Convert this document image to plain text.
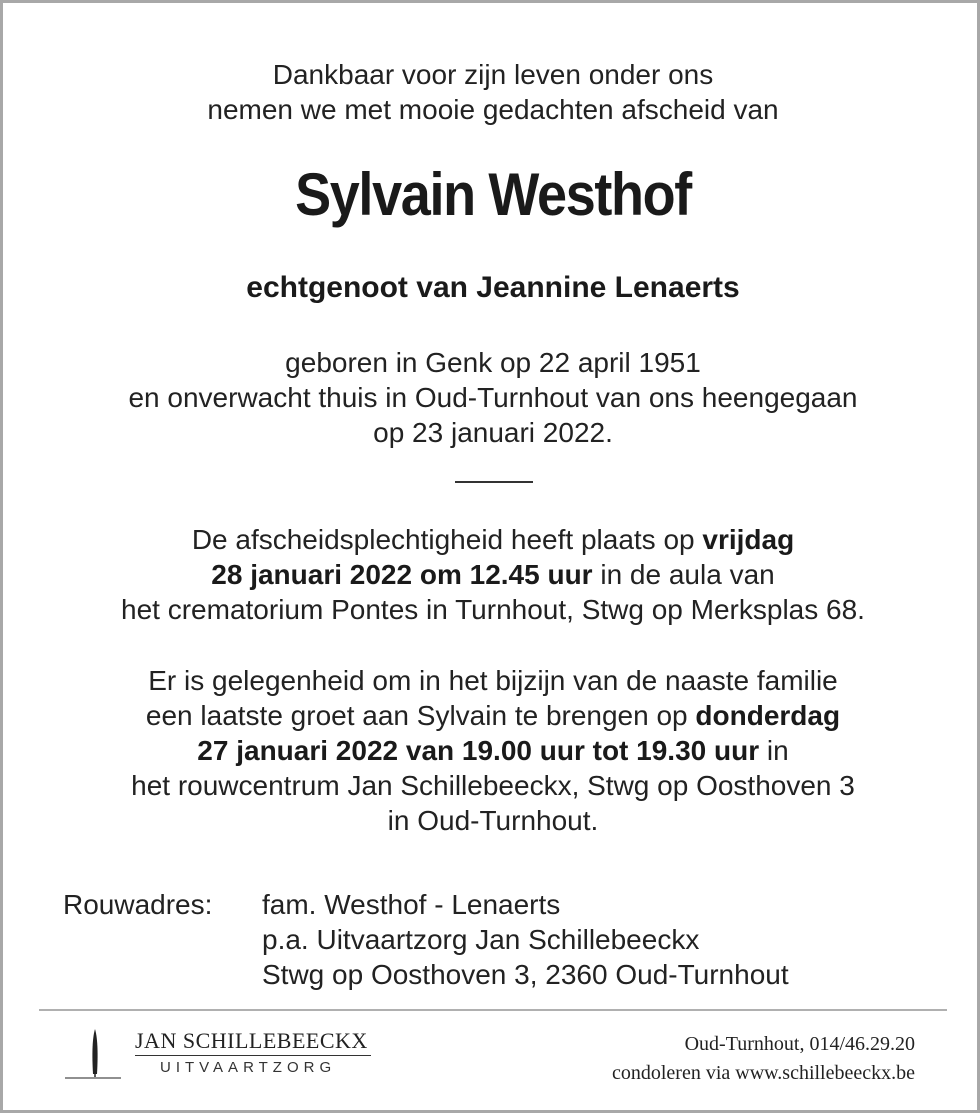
Dankbaar voor zijn leven onder ons
nemen we met mooie gedachten afscheid van
Sylvain Westhof
echtgenoot van Jeannine Lenaerts
geboren in Genk op 22 april 1951
en onverwacht thuis in Oud-Turnhout van ons heengegaan
op 23 januari 2022.
De afscheidsplechtigheid heeft plaats op vrijdag
28 januari 2022 om 12.45 uur in de aula van
het crematorium Pontes in Turnhout, Stwg op Merksplas 68.
Er is gelegenheid om in het bijzijn van de naaste familie
een laatste groet aan Sylvain te brengen op donderdag
27 januari 2022 van 19.00 uur tot 19.30 uur in
het rouwcentrum Jan Schillebeeckx, Stwg op Oosthoven 3
in Oud-Turnhout.
Rouwadres: fam. Westhof - Lenaerts
p.a. Uitvaartzorg Jan Schillebeeckx
Stwg op Oosthoven 3, 2360 Oud-Turnhout
JAN SCHILLEBEECKX
UITVAARTZORG
Oud-Turnhout, 014/46.29.20
condoleren via www.schillebeeckx.be
